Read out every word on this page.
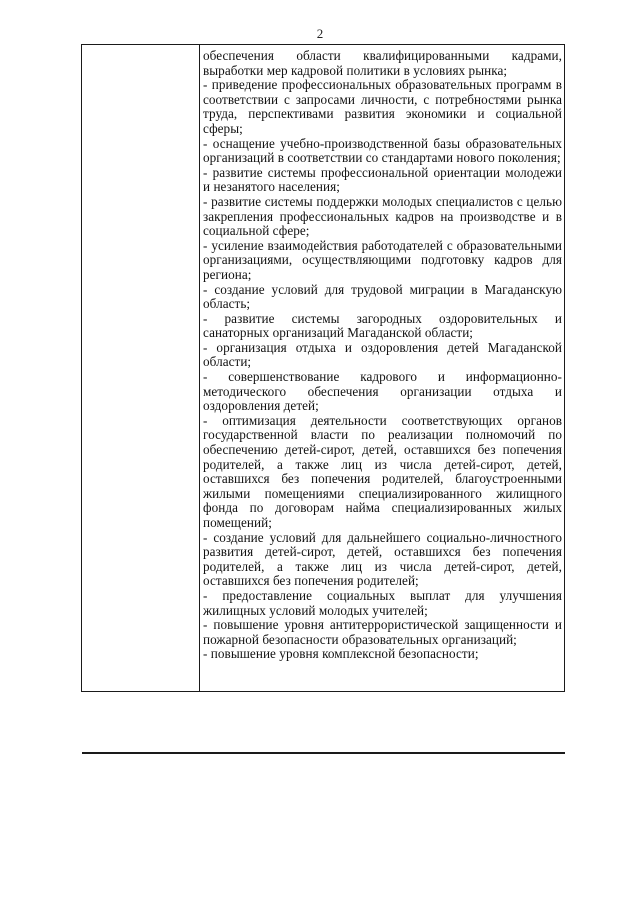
2

обеспечения области квалифицированными кадрами, выработки мер кадровой политики в условиях рынка;

- приведение профессиональных образовательных программ в соответствии с запросами личности, с потребностями рынка труда, перспективами развития экономики и социальной сферы;

- оснащение учебно-производственной базы образовательных организаций в соответствии со стандартами нового поколения;

- развитие системы профессиональной ориентации молодежи и незанятого населения;

- развитие системы поддержки молодых специалистов с целью закрепления профессиональных кадров на производстве и в социальной сфере;

- усиление взаимодействия работодателей с образовательными организациями, осуществляющими подготовку кадров для региона;

- создание условий для трудовой миграции в Магаданскую область;

- развитие системы загородных оздоровительных и санаторных организаций Магаданской области;

- организация отдыха и оздоровления детей Магаданской области;

- совершенствование кадрового и информационно-методического обеспечения организации отдыха и оздоровления детей;

- оптимизация деятельности соответствующих органов государственной власти по реализации полномочий по обеспечению детей-сирот, детей, оставшихся без попечения родителей, а также лиц из числа детей-сирот, детей, оставшихся без попечения родителей, благоустроенными жилыми помещениями специализированного жилищного фонда по договорам найма специализированных жилых помещений;

- создание условий для дальнейшего социально-личностного развития детей-сирот, детей, оставшихся без попечения родителей, а также лиц из числа детей-сирот, детей, оставшихся без попечения родителей;

- предоставление социальных выплат для улучшения жилищных условий молодых учителей;

- повышение уровня антитеррористической защищенности и пожарной безопасности образовательных организаций;

- повышение уровня комплексной безопасности;
